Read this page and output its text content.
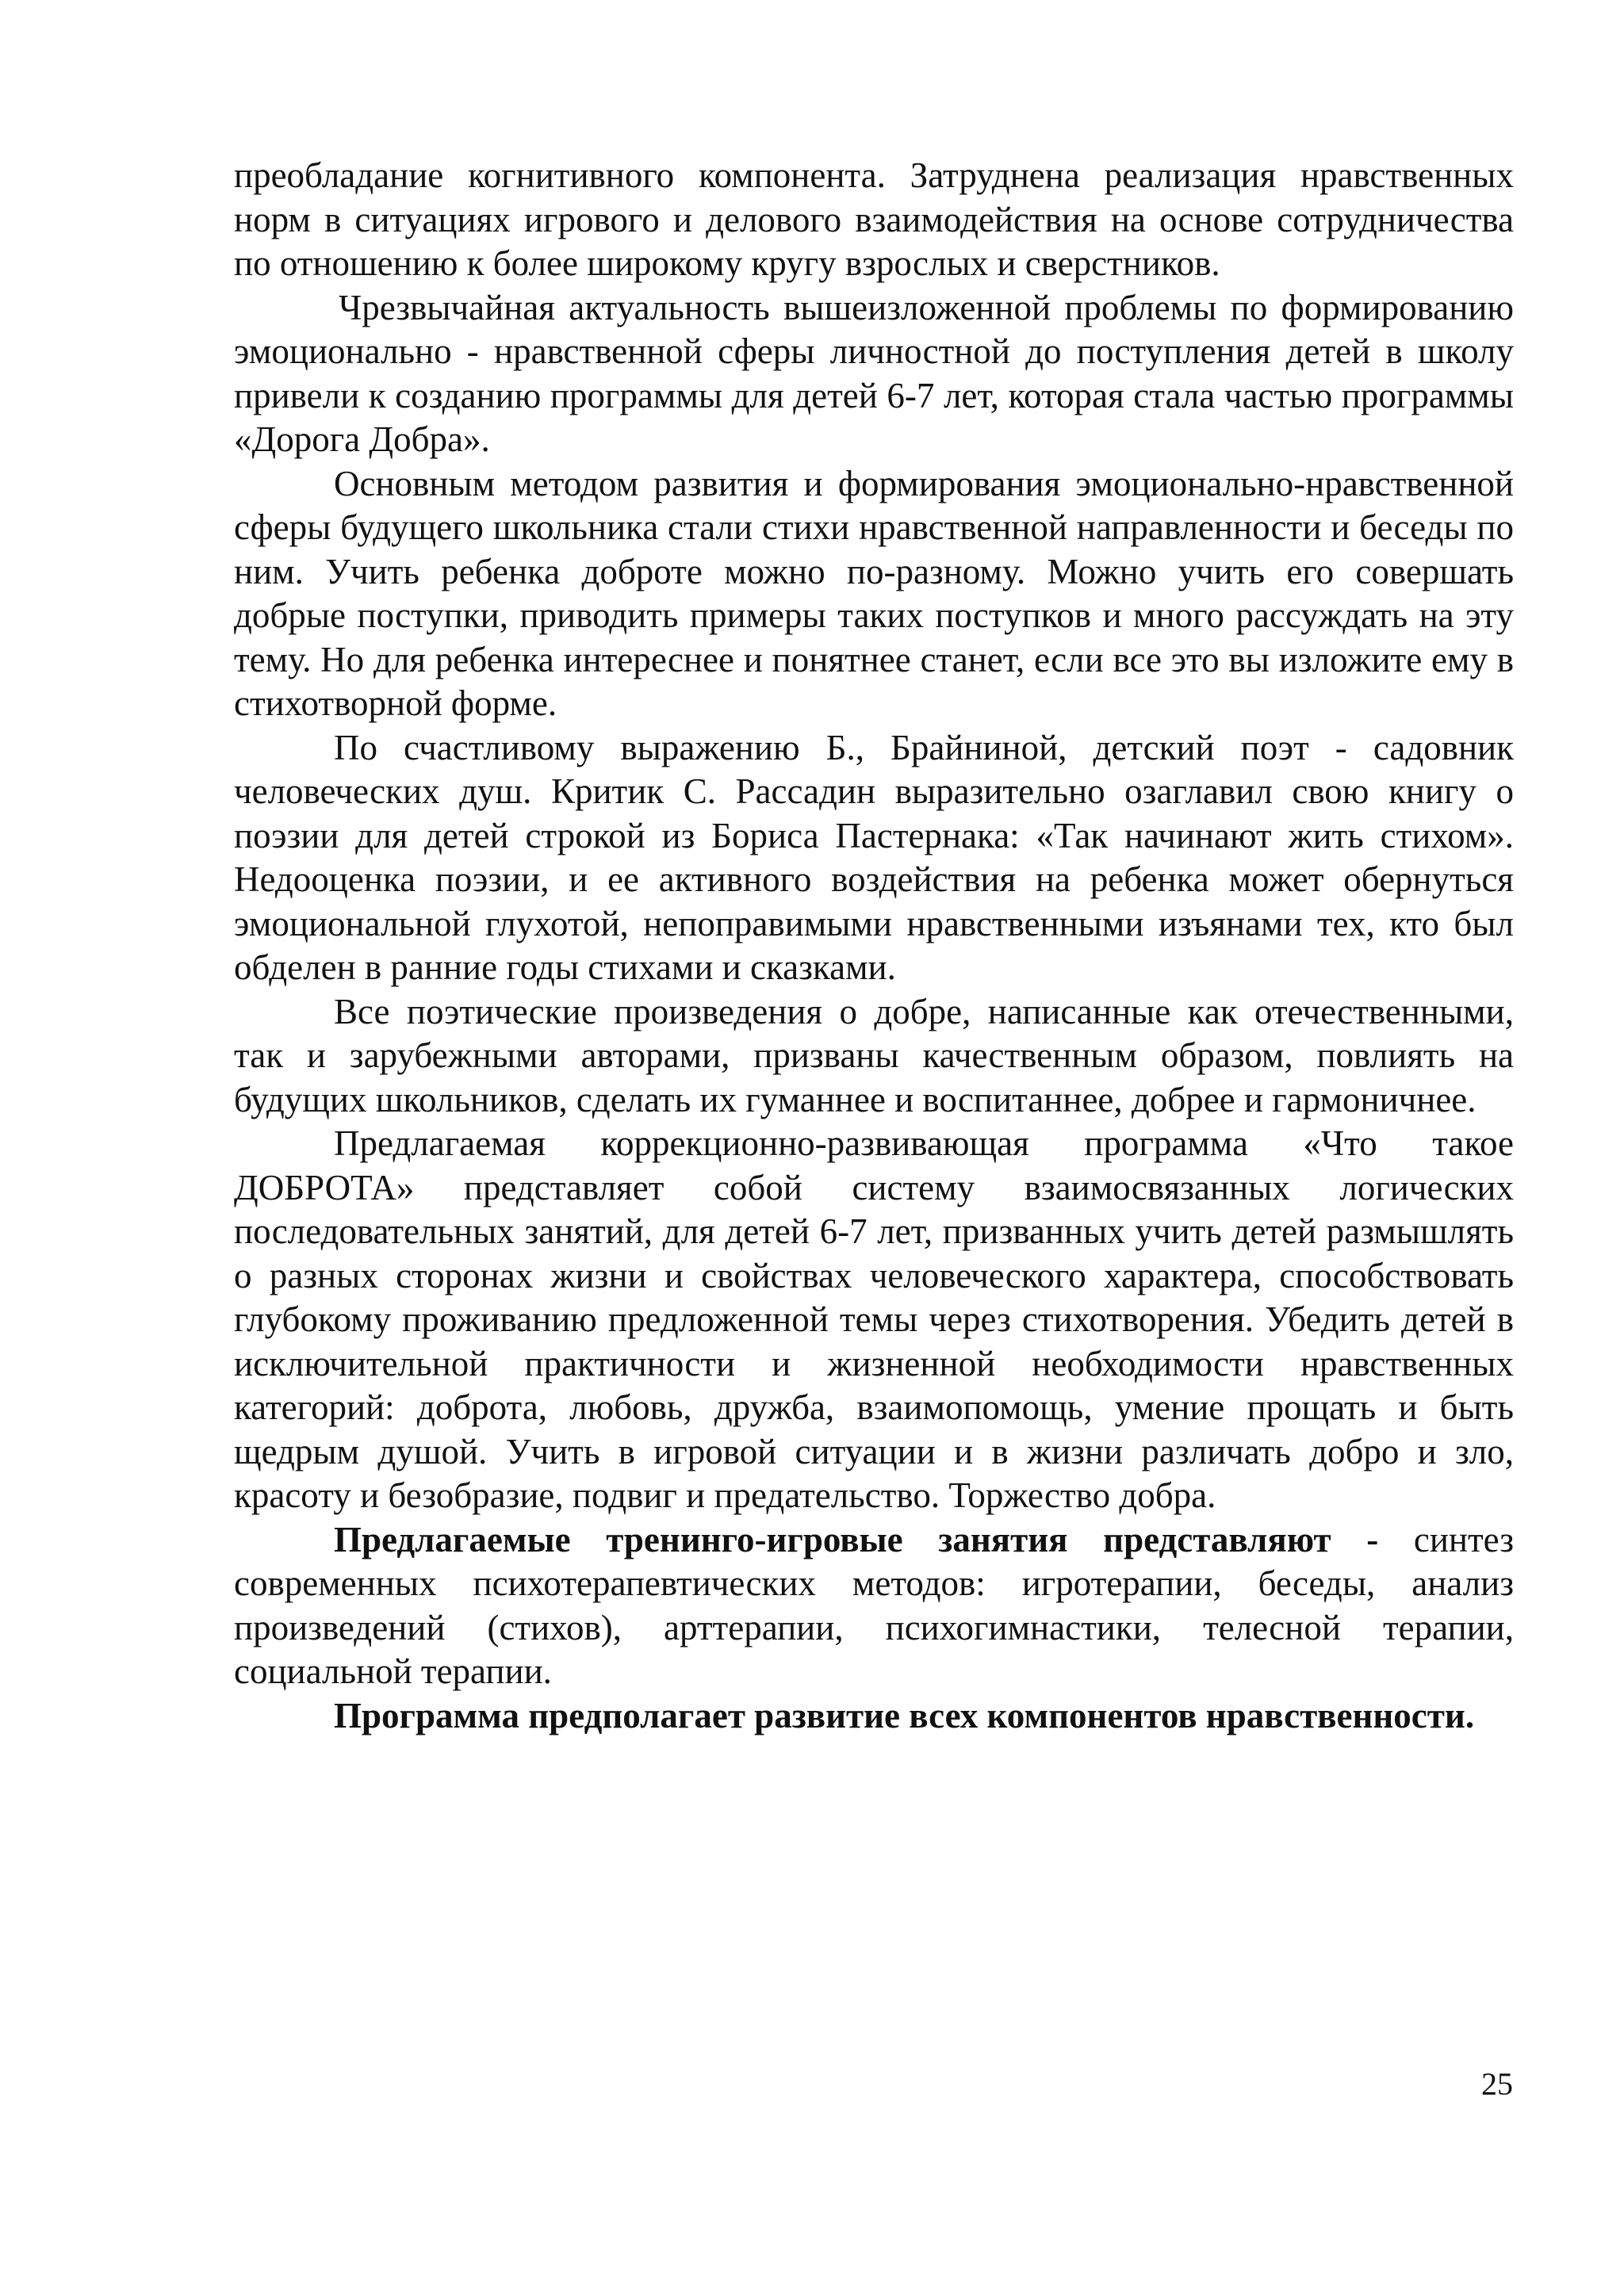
преобладание когнитивного компонента. Затруднена реализация нравственных норм в ситуациях игрового и делового взаимодействия на основе сотрудничества по отношению к более широкому кругу взрослых и сверстников.

Чрезвычайная актуальность вышеизложенной проблемы по формированию эмоционально - нравственной сферы личностной до поступления детей в школу привели к созданию программы для детей 6-7 лет, которая стала частью программы «Дорога Добра».

Основным методом развития и формирования эмоционально-нравственной сферы будущего школьника стали стихи нравственной направленности и беседы по ним. Учить ребенка доброте можно по-разному. Можно учить его совершать добрые поступки, приводить примеры таких поступков и много рассуждать на эту тему. Но для ребенка интереснее и понятнее станет, если все это вы изложите ему в стихотворной форме.

По счастливому выражению Б., Брайниной, детский поэт - садовник человеческих душ. Критик С. Рассадин выразительно озаглавил свою книгу о поэзии для детей строкой из Бориса Пастернака: «Так начинают жить стихом». Недооценка поэзии, и ее активного воздействия на ребенка может обернуться эмоциональной глухотой, непоправимыми нравственными изъянами тех, кто был обделен в ранние годы стихами и сказками.

Все поэтические произведения о добре, написанные как отечественными, так и зарубежными авторами, призваны качественным образом, повлиять на будущих школьников, сделать их гуманнее и воспитаннее, добрее и гармоничнее.

Предлагаемая коррекционно-развивающая программа «Что такое ДОБРОТА» представляет собой систему взаимосвязанных логических последовательных занятий, для детей 6-7 лет, призванных учить детей размышлять о разных сторонах жизни и свойствах человеческого характера, способствовать глубокому проживанию предложенной темы через стихотворения. Убедить детей в исключительной практичности и жизненной необходимости нравственных категорий: доброта, любовь, дружба, взаимопомощь, умение прощать и быть щедрым душой. Учить в игровой ситуации и в жизни различать добро и зло, красоту и безобразие, подвиг и предательство. Торжество добра.

Предлагаемые тренинго-игровые занятия представляют - синтез современных психотерапевтических методов: игротерапии, беседы, анализ произведений (стихов), арттерапии, психогимнастики, телесной терапии, социальной терапии.

Программа предполагает развитие всех компонентов нравственности.

25
